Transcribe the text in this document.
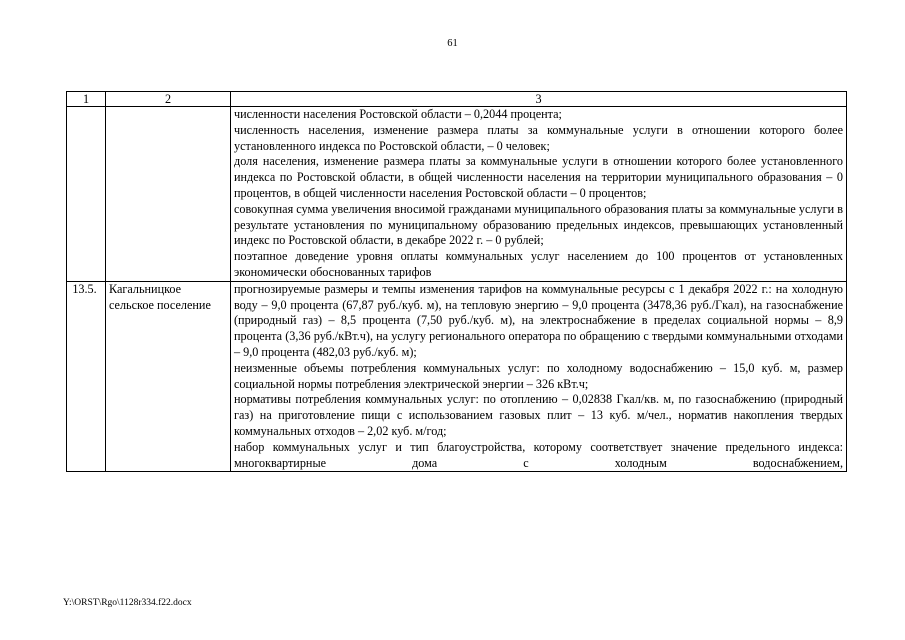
61
1	2	3

		численности населения Ростовской области – 0,2044 процента;

численность населения, изменение размера платы за коммунальные услуги в отношении которого более установленного индекса по Ростовской области, – 0 человек;

доля населения, изменение размера платы за коммунальные услуги в отношении которого более установленного индекса по Ростовской области, в общей численности населения на территории муниципального образования – 0 процентов, в общей численности населения Ростовской области – 0 процентов;

совокупная сумма увеличения вносимой гражданами муниципального образования платы за коммунальные услуги в результате установления по муниципальному образованию предельных индексов, превышающих установленный индекс по Ростовской области, в декабре 2022 г. – 0 рублей;

поэтапное доведение уровня оплаты коммунальных услуг населением до 100 процентов от установленных экономически обоснованных тарифов

13.5.	Кагальницкое сельское поселение	прогнозируемые размеры и темпы изменения тарифов на коммунальные ресурсы с 1 декабря 2022 г.: на холодную воду – 9,0 процента (67,87 руб./куб. м), на тепловую энергию – 9,0 процента (3478,36 руб./Гкал), на газоснабжение (природный газ) – 8,5 процента (7,50 руб./куб. м), на электроснабжение в пределах социальной нормы – 8,9 процента (3,36 руб./кВт.ч), на услугу регионального оператора по обращению с твердыми коммунальными отходами – 9,0 процента (482,03 руб./куб. м);

неизменные объемы потребления коммунальных услуг: по холодному водоснабжению – 15,0 куб. м, размер социальной нормы потребления электрической энергии – 326 кВт.ч;

нормативы потребления коммунальных услуг: по отоплению – 0,02838 Гкал/кв. м, по газоснабжению (природный газ) на приготовление пищи с использованием газовых плит – 13 куб. м/чел., норматив накопления твердых коммунальных отходов – 2,02 куб. м/год;

набор коммунальных услуг и тип благоустройства, которому соответствует значение предельного индекса: многоквартирные дома с холодным водоснабжением,

Y:\ORST\Rgo\1128r334.f22.docx
